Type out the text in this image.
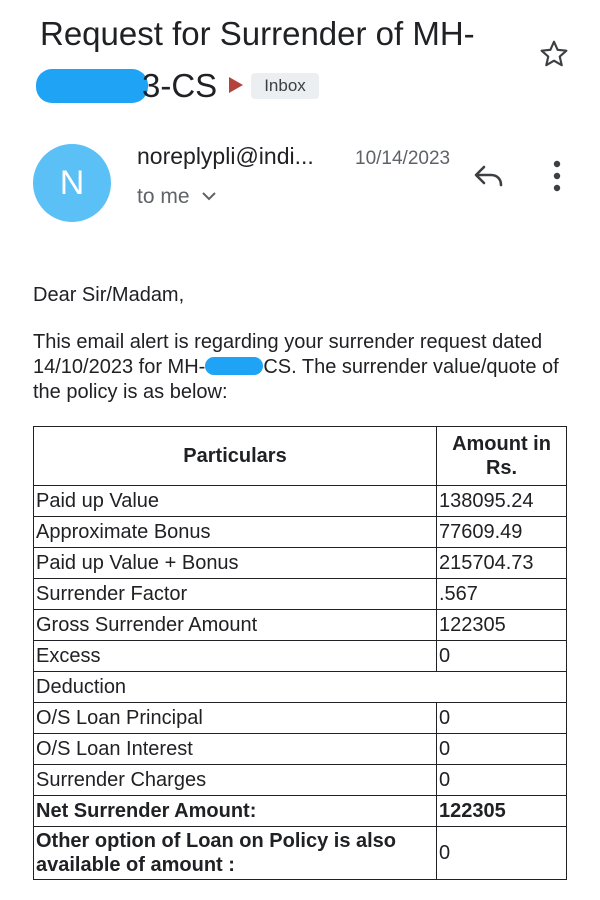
Request for Surrender of MH-3-CS	Inbox
N
noreplypli@indi... 10/14/2023
to me

Dear Sir/Madam,

This email alert is regarding your surrender request dated 14/10/2023 for MH-	CS. The surrender value/quote of the policy is as below:

Particulars	Amount in Rs.
Paid up Value	138095.24
Approximate Bonus	77609.49
Paid up Value + Bonus	215704.73
Surrender Factor	.567
Gross Surrender Amount	122305
Excess	0
Deduction	
O/S Loan Principal	0
O/S Loan Interest	0
Surrender Charges	0
Net Surrender Amount:	122305
Other option of Loan on Policy is also available of amount :	0
